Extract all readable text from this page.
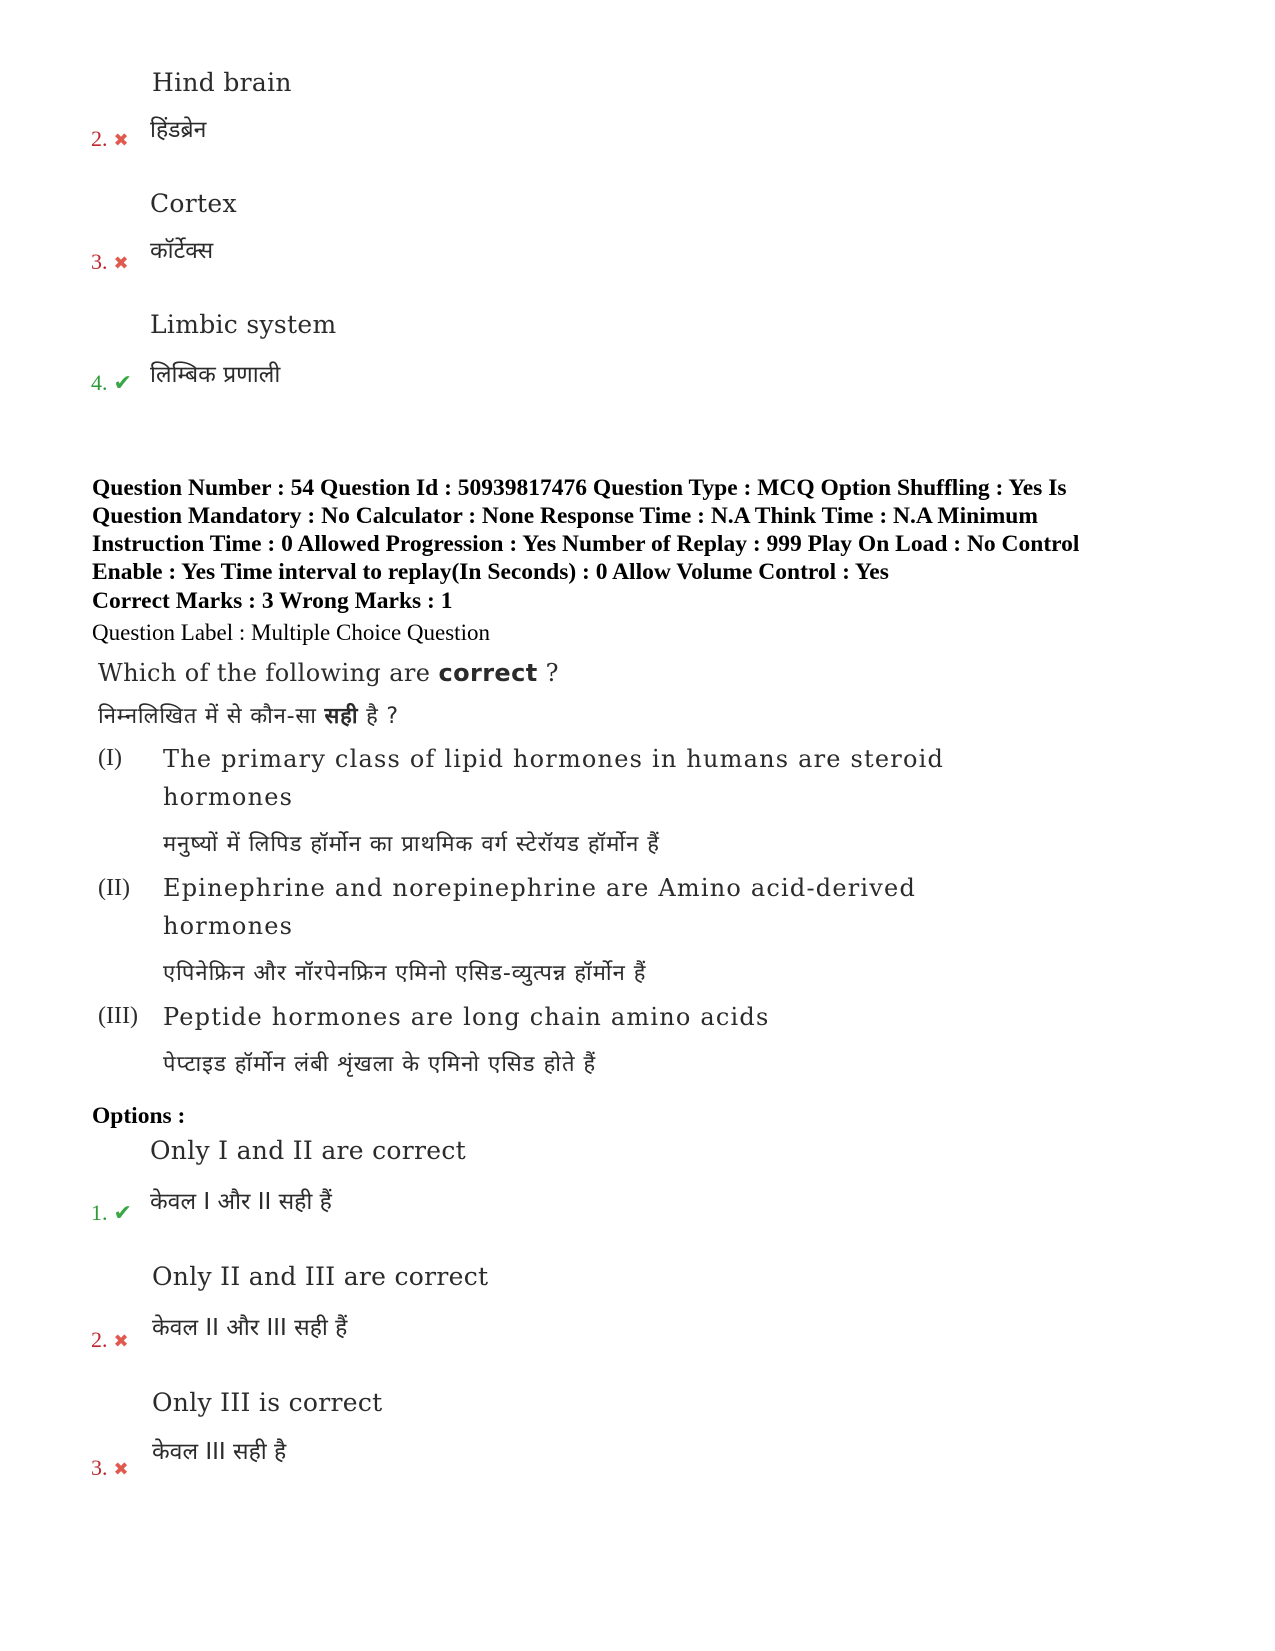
Hind brain
हिंडब्रेन
2. ✖
Cortex
कॉर्टेक्स
3. ✖
Limbic system
लिम्बिक प्रणाली
4. ✔
Question Number : 54 Question Id : 50939817476 Question Type : MCQ Option Shuffling : Yes Is
Question Mandatory : No Calculator : None Response Time : N.A Think Time : N.A Minimum
Instruction Time : 0 Allowed Progression : Yes Number of Replay : 999 Play On Load : No Control
Enable : Yes Time interval to replay(In Seconds) : 0 Allow Volume Control : Yes
Correct Marks : 3 Wrong Marks : 1
Question Label : Multiple Choice Question
Which of the following are correct ?
निम्नलिखित में से कौन-सा सही है ?
(I) The primary class of lipid hormones in humans are steroid hormones
मनुष्यों में लिपिड हॉर्मोन का प्राथमिक वर्ग स्टेरॉयड हॉर्मोन हैं
(II) Epinephrine and norepinephrine are Amino acid-derived hormones
एपिनेफ्रिन और नॉरपेनफ्रिन एमिनो एसिड-व्युत्पन्न हॉर्मोन हैं
(III) Peptide hormones are long chain amino acids
पेप्टाइड हॉर्मोन लंबी शृंखला के एमिनो एसिड होते हैं
Options :
Only I and II are correct
केवल I और II सही हैं
1. ✔
Only II and III are correct
केवल II और III सही हैं
2. ✖
Only III is correct
केवल III सही है
3. ✖
